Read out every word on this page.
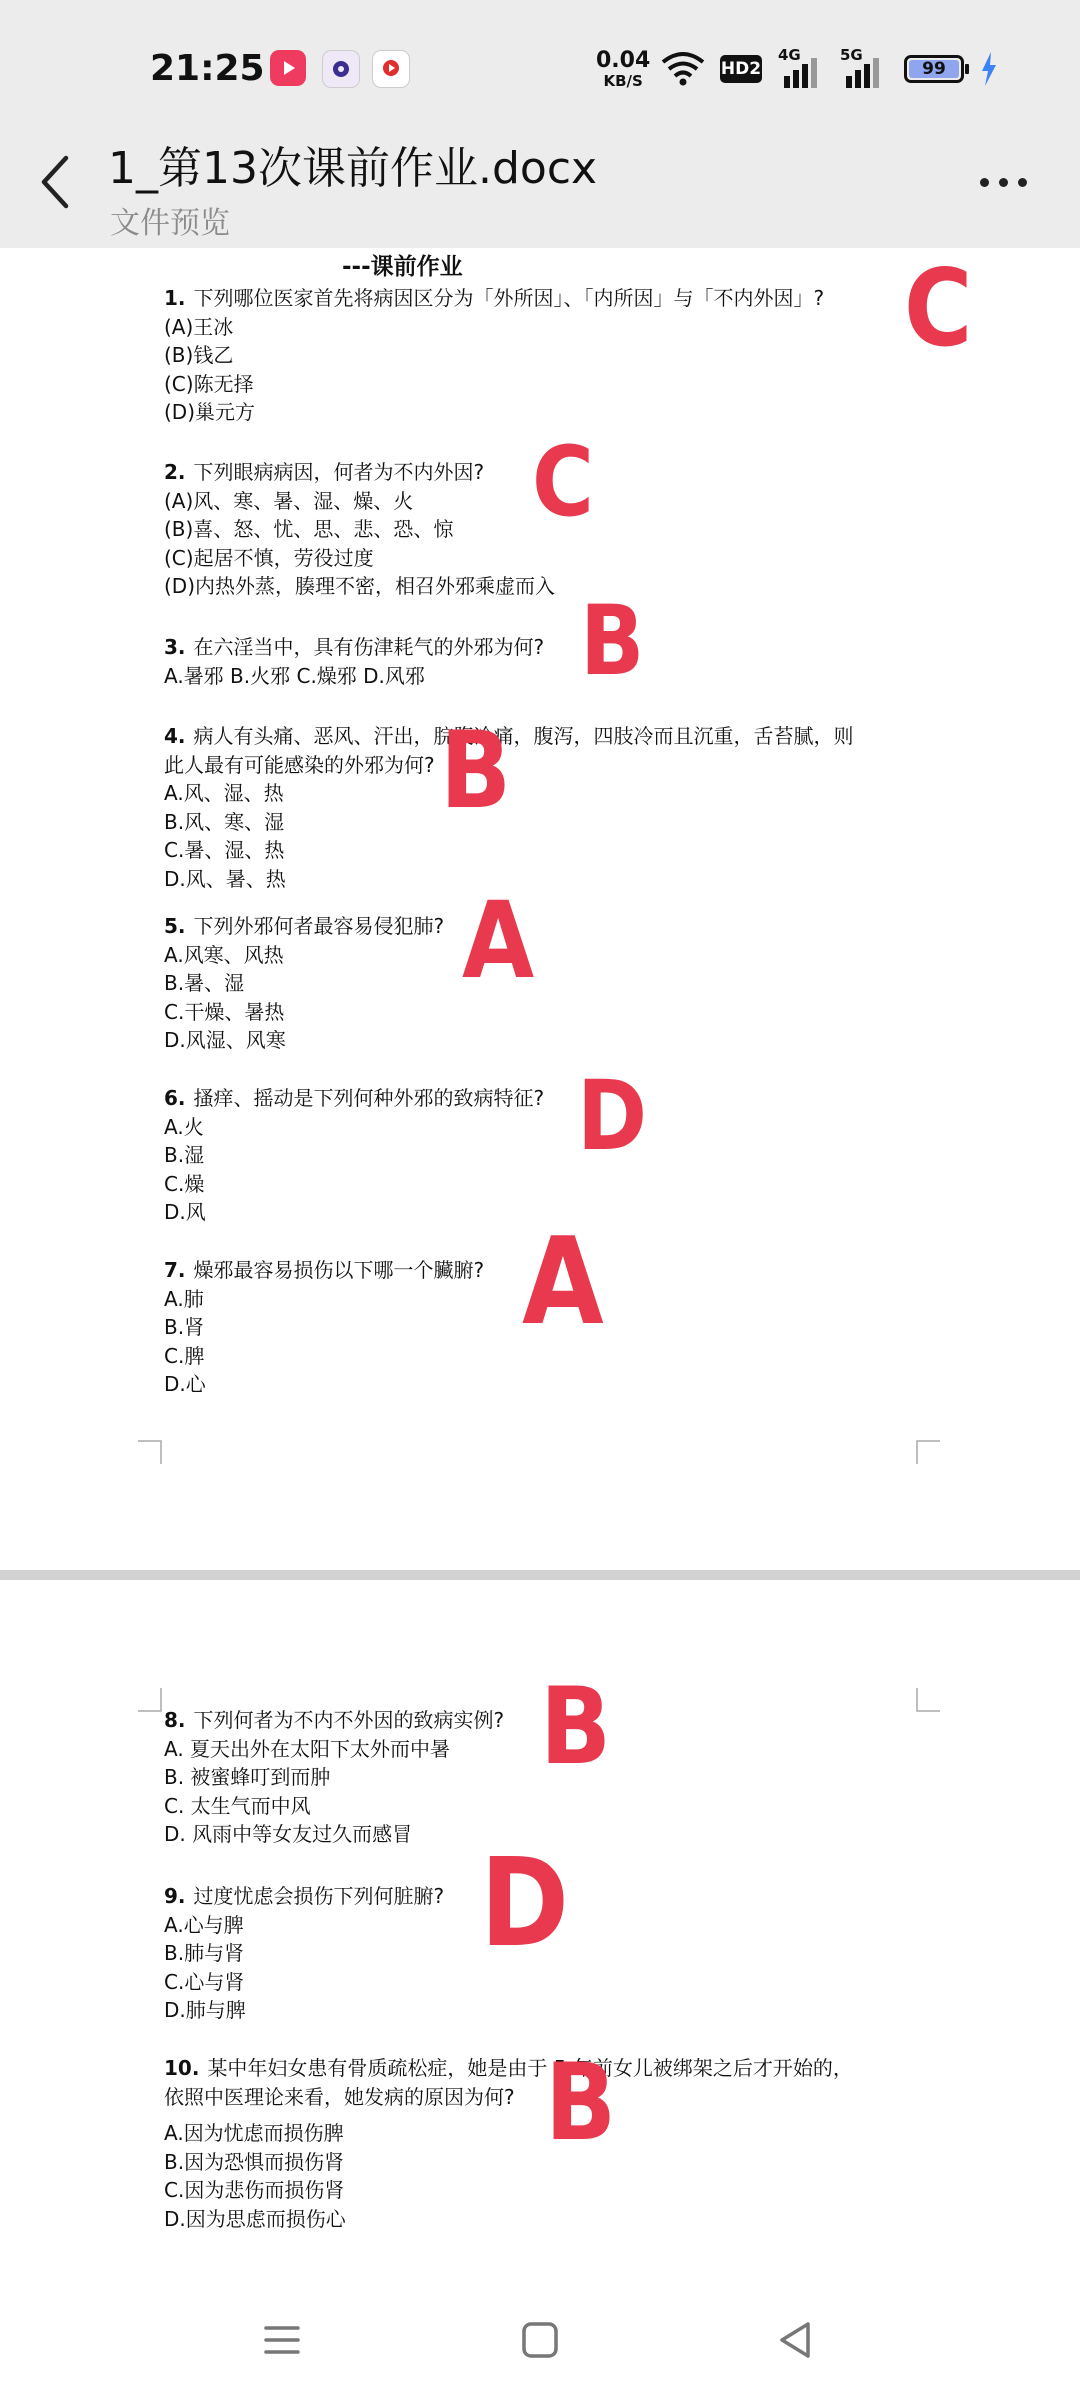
21:25	0.04
KB/S
HD2
4G	5G
99
1_第13次课前作业.docx
文件预览
---课前作业
1. 下列哪位医家首先将病因区分为「外所因」、「内所因」与「不内外因」?
(A)王冰
(B)钱乙
(C)陈无择
(D)巢元方
C
2. 下列眼病病因，何者为不内外因?
(A)风、寒、暑、湿、燥、火
(B)喜、怒、忧、思、悲、恐、惊
(C)起居不慎，劳役过度
(D)内热外蒸，腠理不密，相召外邪乘虚而入
C
3. 在六淫当中，具有伤津耗气的外邪为何?
A.暑邪 B.火邪 C.燥邪 D.风邪 B
4. 病人有头痛、恶风、汗出，脘腹冷痛，腹泻，四肢冷而且沉重，舌苔腻，则
此人最有可能感染的外邪为何?
A.风、湿、热
B.风、寒、湿
C.暑、湿、热
D.风、暑、热
B
5. 下列外邪何者最容易侵犯肺?
A.风寒、风热
B.暑、湿
C.干燥、暑热
D.风湿、风寒
A
6. 搔痒、摇动是下列何种外邪的致病特征?
A.火
B.湿
C.燥
D.风
D
7. 燥邪最容易损伤以下哪一个臟腑?
A.肺
B.肾
C.脾
D.心
A
8. 下列何者为不内不外因的致病实例?
A. 夏天出外在太阳下太外而中暑
B. 被蜜蜂叮到而肿
C. 太生气而中风
D. 风雨中等女友过久而感冒
B
9. 过度忧虑会损伤下列何脏腑?
A.心与脾
B.肺与肾
C.心与肾
D.肺与脾
D
10. 某中年妇女患有骨质疏松症，她是由于 5 年前女儿被绑架之后才开始的，
依照中医理论来看，她发病的原因为何?
A.因为忧虑而损伤脾
B.因为恐惧而损伤肾
C.因为悲伤而损伤肾
D.因为思虑而损伤心
B
